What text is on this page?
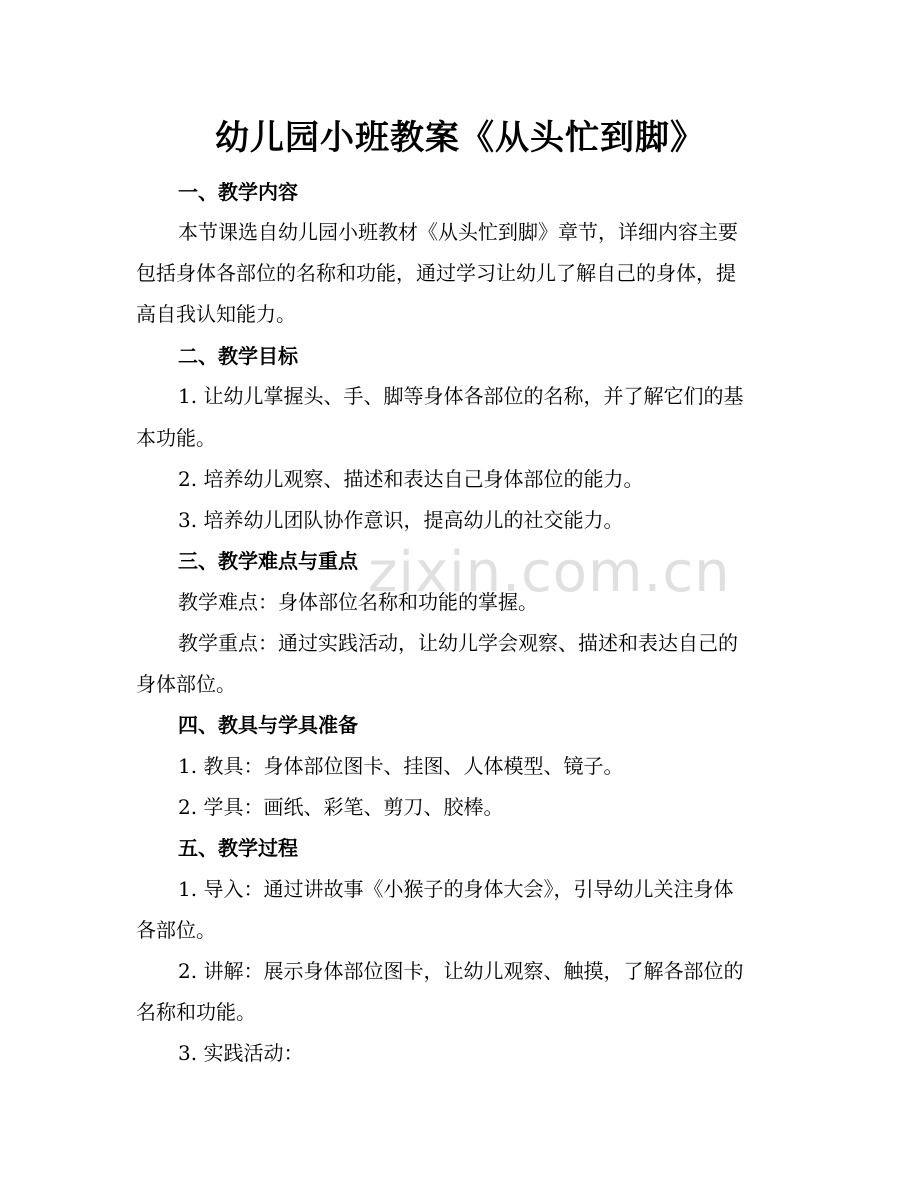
zixin.com.cn
幼儿园小班教案《从头忙到脚》
一、教学内容
本节课选自幼儿园小班教材《从头忙到脚》章节，详细内容主要
包括身体各部位的名称和功能，通过学习让幼儿了解自己的身体，提
高自我认知能力。
二、教学目标
1. 让幼儿掌握头、手、脚等身体各部位的名称，并了解它们的基
本功能。
2. 培养幼儿观察、描述和表达自己身体部位的能力。
3. 培养幼儿团队协作意识，提高幼儿的社交能力。
三、教学难点与重点
教学难点：身体部位名称和功能的掌握。
教学重点：通过实践活动，让幼儿学会观察、描述和表达自己的
身体部位。
四、教具与学具准备
1. 教具：身体部位图卡、挂图、人体模型、镜子。
2. 学具：画纸、彩笔、剪刀、胶棒。
五、教学过程
1. 导入：通过讲故事《小猴子的身体大会》，引导幼儿关注身体
各部位。
2. 讲解：展示身体部位图卡，让幼儿观察、触摸，了解各部位的
名称和功能。
3. 实践活动：
